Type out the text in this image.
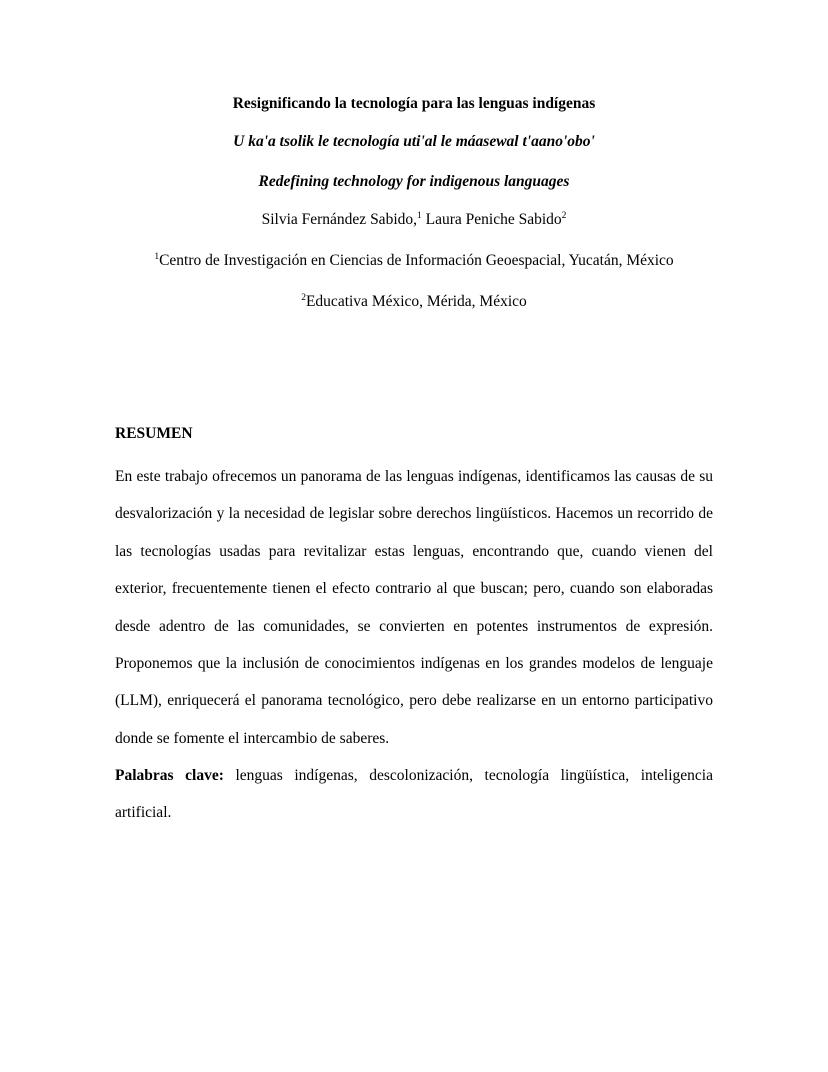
Resignificando la tecnología para las lenguas indígenas
U ka'a tsolik le tecnología uti'al le máasewal t'aano'obo'
Redefining technology for indigenous languages
Silvia Fernández Sabido,$^1$ Laura Peniche Sabido$^2$
$^1$Centro de Investigación en Ciencias de Información Geoespacial, Yucatán, México
$^2$Educativa México, Mérida, México
RESUMEN

En este trabajo ofrecemos un panorama de las lenguas indígenas, identificamos las causas de su desvalorización y la necesidad de legislar sobre derechos lingüísticos. Hacemos un recorrido de las tecnologías usadas para revitalizar estas lenguas, encontrando que, cuando vienen del exterior, frecuentemente tienen el efecto contrario al que buscan; pero, cuando son elaboradas desde adentro de las comunidades, se convierten en potentes instrumentos de expresión. Proponemos que la inclusión de conocimientos indígenas en los grandes modelos de lenguaje (LLM), enriquecerá el panorama tecnológico, pero debe realizarse en un entorno participativo donde se fomente el intercambio de saberes.

Palabras clave: lenguas indígenas, descolonización, tecnología lingüística, inteligencia artificial.
